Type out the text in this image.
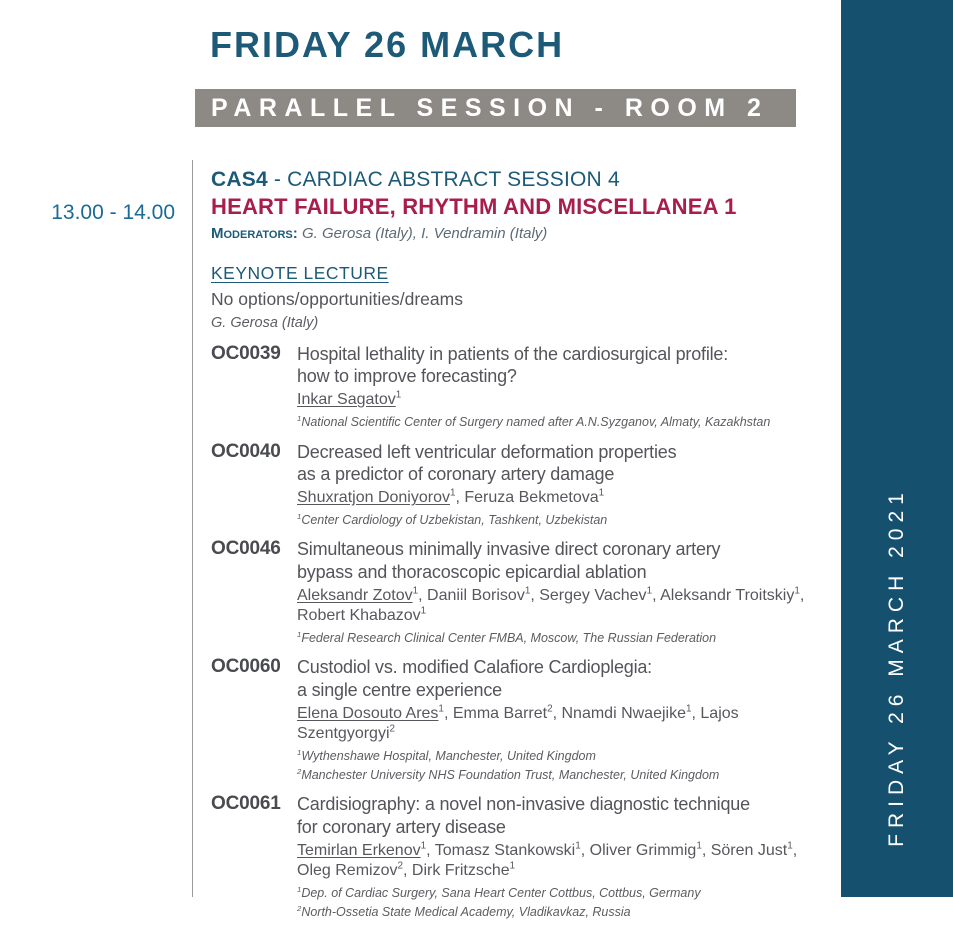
FRIDAY 26 MARCH
PARALLEL SESSION - ROOM 2
13.00 - 14.00
CAS4 - CARDIAC ABSTRACT SESSION 4
HEART FAILURE, RHYTHM AND MISCELLANEA 1
Moderators: G. Gerosa (Italy), I. Vendramin (Italy)
KEYNOTE LECTURE
No options/opportunities/dreams
G. Gerosa (Italy)
OC0039 Hospital lethality in patients of the cardiosurgical profile:
how to improve forecasting?
Inkar Sagatov$^1$
$^1$National Scientific Center of Surgery named after A.N.Syzganov, Almaty, Kazakhstan
OC0040 Decreased left ventricular deformation properties
as a predictor of coronary artery damage
Shuxratjon Doniyorov$^1$, Feruza Bekmetova$^1$
$^1$Center Cardiology of Uzbekistan, Tashkent, Uzbekistan
OC0046 Simultaneous minimally invasive direct coronary artery
bypass and thoracoscopic epicardial ablation
Aleksandr Zotov$^1$, Daniil Borisov$^1$, Sergey Vachev$^1$, Aleksandr Troitskiy$^1$,
Robert Khabazov$^1$
$^1$Federal Research Clinical Center FMBA, Moscow, The Russian Federation
OC0060 Custodiol vs. modified Calafiore Cardioplegia:
a single centre experience
Elena Dosouto Ares$^1$, Emma Barret$^2$, Nnamdi Nwaejike$^1$, Lajos Szentgyorgyi$^2$
$^1$Wythenshawe Hospital, Manchester, United Kingdom
$^2$Manchester University NHS Foundation Trust, Manchester, United Kingdom
OC0061 Cardisiography: a novel non-invasive diagnostic technique
for coronary artery disease
Temirlan Erkenov$^1$, Tomasz Stankowski$^1$, Oliver Grimmig$^1$, Sören Just$^1$,
Oleg Remizov$^2$, Dirk Fritzsche$^1$
$^1$Dep. of Cardiac Surgery, Sana Heart Center Cottbus, Cottbus, Germany
$^2$North-Ossetia State Medical Academy, Vladikavkaz, Russia
FRIDAY 26 MARCH 2021
